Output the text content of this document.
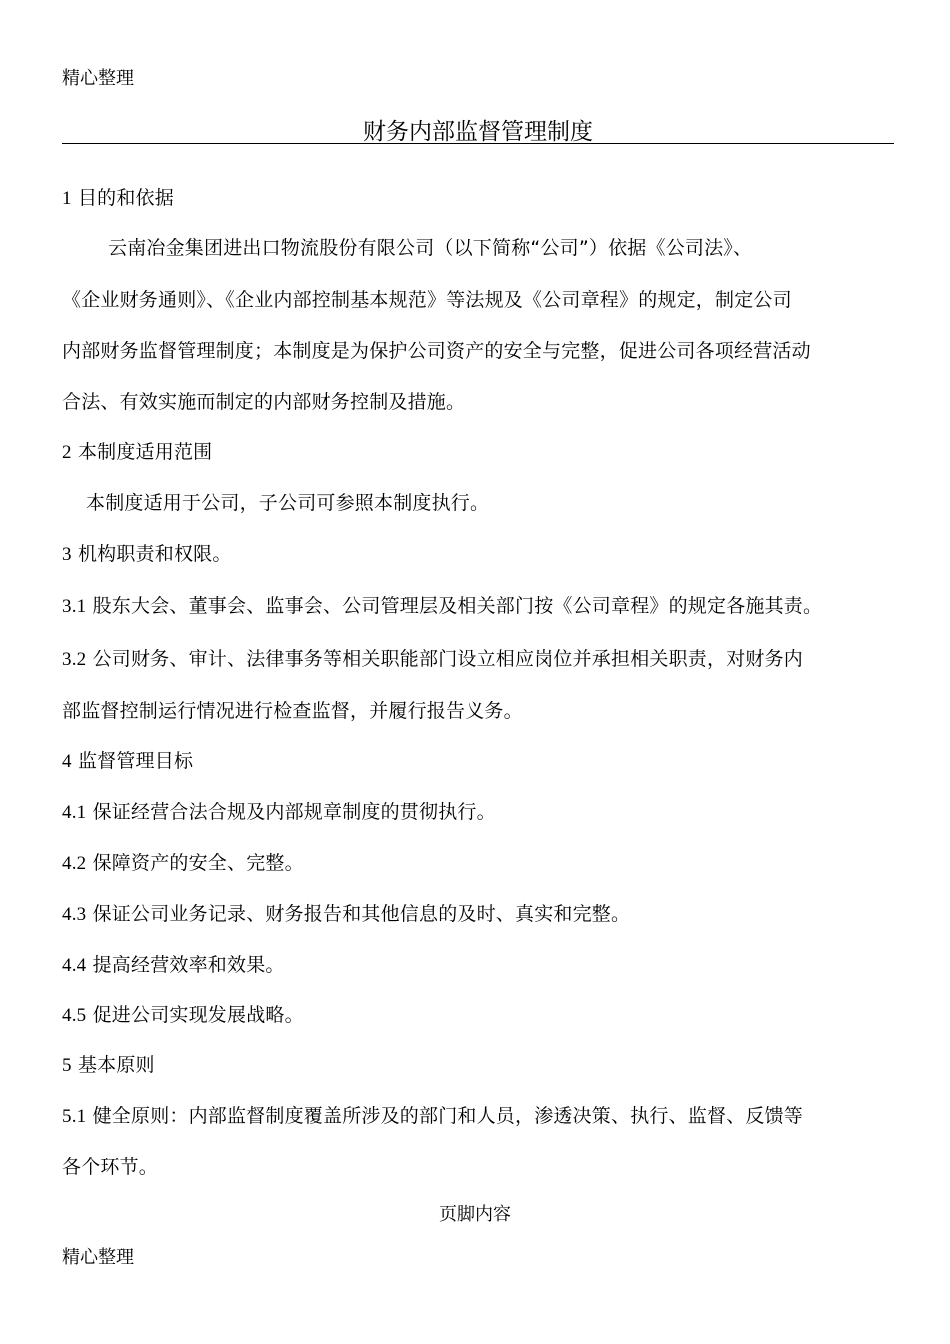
精心整理
财务内部监督管理制度
1 目的和依据
云南冶金集团进出口物流股份有限公司（以下简称“公司”）依据《公司法》、
《企业财务通则》、《企业内部控制基本规范》等法规及《公司章程》的规定，制定公司
内部财务监督管理制度；本制度是为保护公司资产的安全与完整，促进公司各项经营活动
合法、有效实施而制定的内部财务控制及措施。
2 本制度适用范围
本制度适用于公司，子公司可参照本制度执行。
3 机构职责和权限。
3.1 股东大会、董事会、监事会、公司管理层及相关部门按《公司章程》的规定各施其责。
3.2 公司财务、审计、法律事务等相关职能部门设立相应岗位并承担相关职责，对财务内
部监督控制运行情况进行检查监督，并履行报告义务。
4 监督管理目标
4.1 保证经营合法合规及内部规章制度的贯彻执行。
4.2 保障资产的安全、完整。
4.3 保证公司业务记录、财务报告和其他信息的及时、真实和完整。
4.4 提高经营效率和效果。
4.5 促进公司实现发展战略。
5 基本原则
5.1 健全原则：内部监督制度覆盖所涉及的部门和人员，渗透决策、执行、监督、反馈等
各个环节。
页脚内容
精心整理
